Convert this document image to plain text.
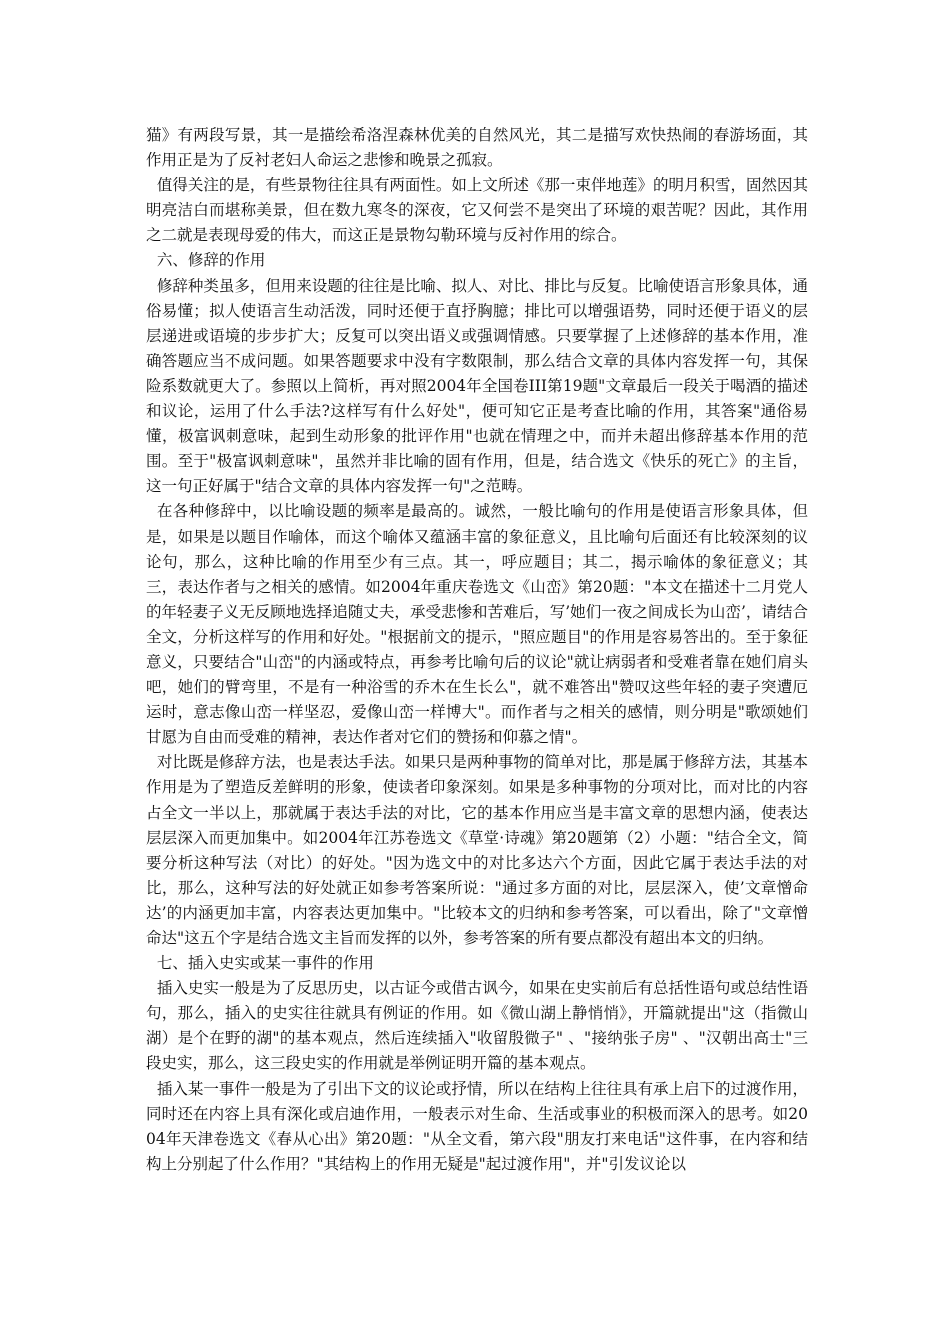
猫》有两段写景，其一是描绘希洛涅森林优美的自然风光，其二是描写欢快热闹的春游场面，其作用正是为了反衬老妇人命运之悲惨和晚景之孤寂。

值得关注的是，有些景物往往具有两面性。如上文所述《那一束伴地莲》的明月积雪，固然因其明亮洁白而堪称美景，但在数九寒冬的深夜，它又何尝不是突出了环境的艰苦呢？因此，其作用之二就是表现母爱的伟大，而这正是景物勾勒环境与反衬作用的综合。

六、修辞的作用

修辞种类虽多，但用来设题的往往是比喻、拟人、对比、排比与反复。比喻使语言形象具体，通俗易懂；拟人使语言生动活泼，同时还便于直抒胸臆；排比可以增强语势，同时还便于语义的层层递进或语境的步步扩大；反复可以突出语义或强调情感。只要掌握了上述修辞的基本作用，准确答题应当不成问题。如果答题要求中没有字数限制，那么结合文章的具体内容发挥一句，其保险系数就更大了。参照以上简析，再对照2004年全国卷III第19题"文章最后一段关于喝酒的描述和议论，运用了什么手法?这样写有什么好处"，便可知它正是考查比喻的作用，其答案"通俗易懂，极富讽刺意味，起到生动形象的批评作用"也就在情理之中，而并未超出修辞基本作用的范围。至于"极富讽刺意味"，虽然并非比喻的固有作用，但是，结合选文《快乐的死亡》的主旨，这一句正好属于"结合文章的具体内容发挥一句"之范畴。

在各种修辞中，以比喻设题的频率是最高的。诚然，一般比喻句的作用是使语言形象具体，但是，如果是以题目作喻体，而这个喻体又蕴涵丰富的象征意义，且比喻句后面还有比较深刻的议论句，那么，这种比喻的作用至少有三点。其一，呼应题目；其二，揭示喻体的象征意义；其三，表达作者与之相关的感情。如2004年重庆卷选文《山峦》第20题："本文在描述十二月党人的年轻妻子义无反顾地选择追随丈夫，承受悲惨和苦难后，写’她们一夜之间成长为山峦’，请结合全文，分析这样写的作用和好处。"根据前文的提示，"照应题目"的作用是容易答出的。至于象征意义，只要结合"山峦"的内涵或特点，再参考比喻句后的议论"就让病弱者和受难者靠在她们肩头吧，她们的臂弯里，不是有一种浴雪的乔木在生长么"，就不难答出"赞叹这些年轻的妻子突遭厄运时，意志像山峦一样坚忍，爱像山峦一样博大"。而作者与之相关的感情，则分明是"歌颂她们甘愿为自由而受难的精神，表达作者对它们的赞扬和仰慕之情"。

对比既是修辞方法，也是表达手法。如果只是两种事物的简单对比，那是属于修辞方法，其基本作用是为了塑造反差鲜明的形象，使读者印象深刻。如果是多种事物的分项对比，而对比的内容占全文一半以上，那就属于表达手法的对比，它的基本作用应当是丰富文章的思想内涵，使表达层层深入而更加集中。如2004年江苏卷选文《草堂·诗魂》第20题第（2）小题："结合全文，简要分析这种写法（对比）的好处。"因为选文中的对比多达六个方面，因此它属于表达手法的对比，那么，这种写法的好处就正如参考答案所说："通过多方面的对比，层层深入，使’文章憎命达’的内涵更加丰富，内容表达更加集中。"比较本文的归纳和参考答案，可以看出，除了"文章憎命达"这五个字是结合选文主旨而发挥的以外，参考答案的所有要点都没有超出本文的归纳。

七、插入史实或某一事件的作用

插入史实一般是为了反思历史，以古证今或借古讽今，如果在史实前后有总括性语句或总结性语句，那么，插入的史实往往就具有例证的作用。如《微山湖上静悄悄》，开篇就提出"这（指微山湖）是个在野的湖"的基本观点，然后连续插入"收留殷微子" 、"接纳张子房" 、"汉朝出高士"三段史实，那么，这三段史实的作用就是举例证明开篇的基本观点。

插入某一事件一般是为了引出下文的议论或抒情，所以在结构上往往具有承上启下的过渡作用，同时还在内容上具有深化或启迪作用，一般表示对生命、生活或事业的积极而深入的思考。如2004年天津卷选文《春从心出》第20题："从全文看，第六段"朋友打来电话"这件事，在内容和结构上分别起了什么作用？"其结构上的作用无疑是"起过渡作用"，并"引发议论以
